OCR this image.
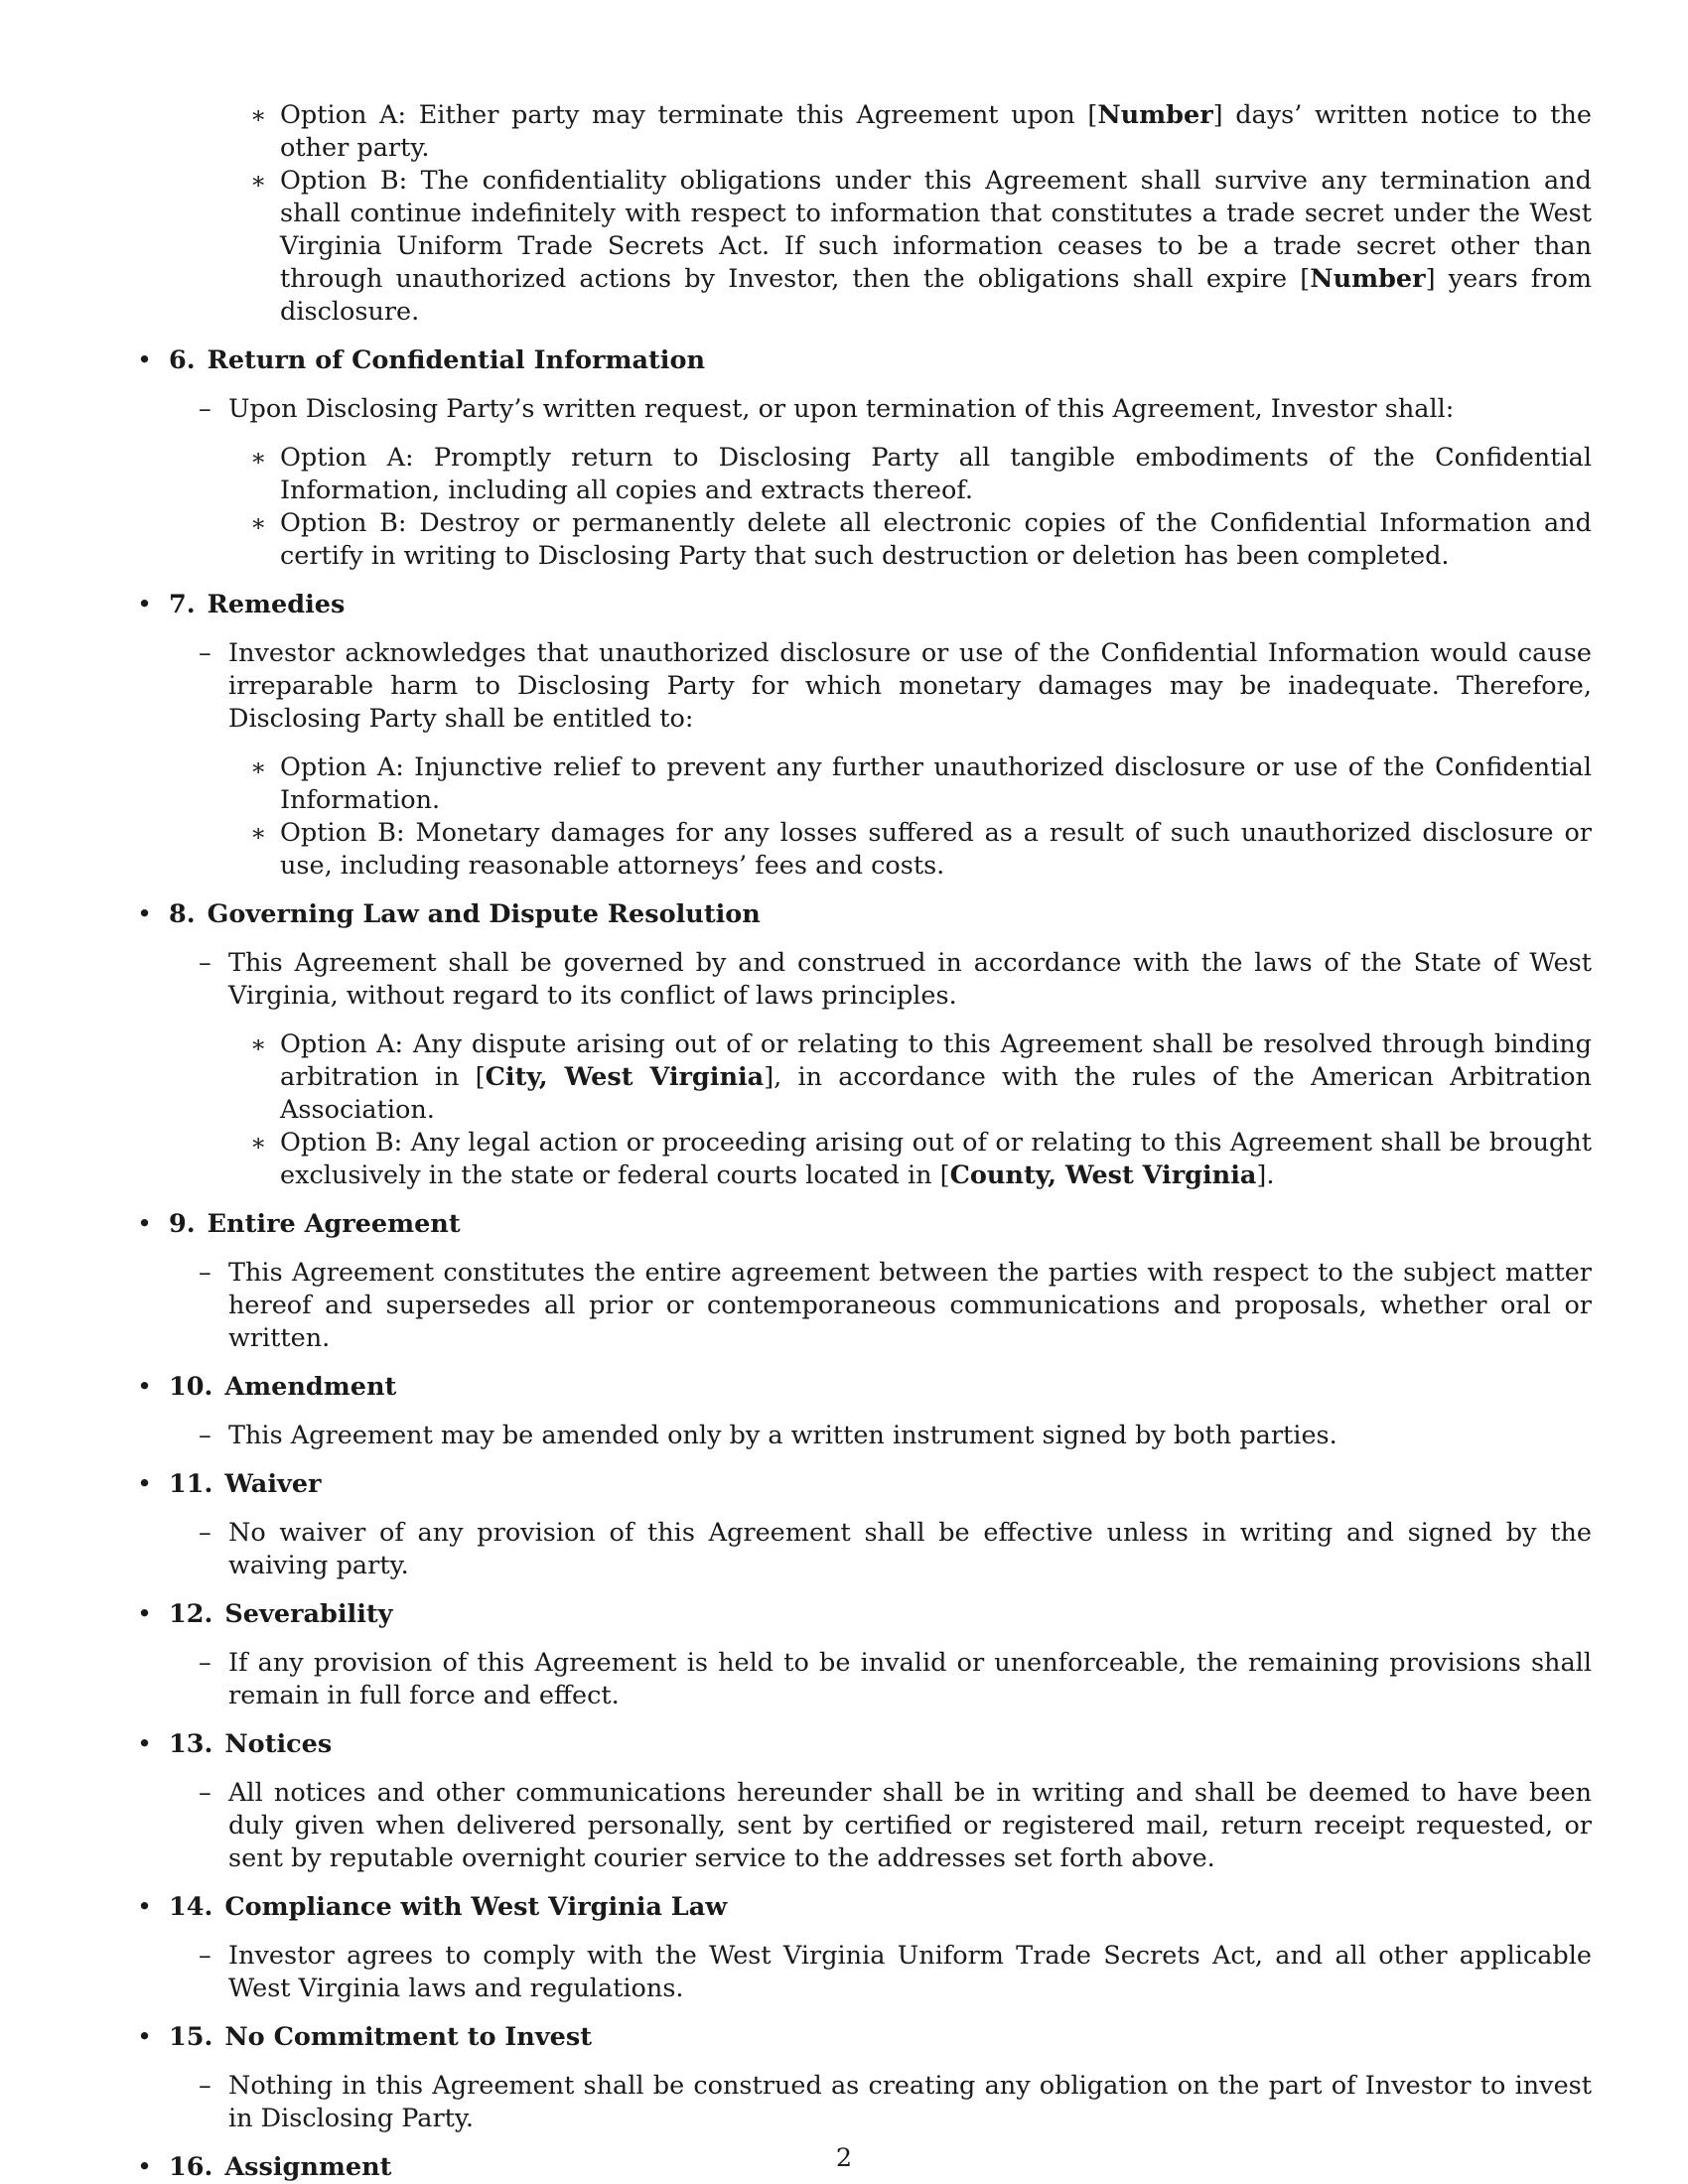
∗ Option A: Either party may terminate this Agreement upon [Number] days’ written notice to the other party.
∗ Option B: The confidentiality obligations under this Agreement shall survive any termination and shall continue indefinitely with respect to information that constitutes a trade secret under the West Virginia Uniform Trade Secrets Act. If such information ceases to be a trade secret other than through unauthorized actions by Investor, then the obligations shall expire [Number] years from disclosure.
• 6. Return of Confidential Information
– Upon Disclosing Party’s written request, or upon termination of this Agreement, Investor shall:
∗ Option A: Promptly return to Disclosing Party all tangible embodiments of the Confidential Information, including all copies and extracts thereof.
∗ Option B: Destroy or permanently delete all electronic copies of the Confidential Information and certify in writing to Disclosing Party that such destruction or deletion has been completed.
• 7. Remedies
– Investor acknowledges that unauthorized disclosure or use of the Confidential Information would cause irreparable harm to Disclosing Party for which monetary damages may be inadequate. Therefore, Disclosing Party shall be entitled to:
∗ Option A: Injunctive relief to prevent any further unauthorized disclosure or use of the Confidential Information.
∗ Option B: Monetary damages for any losses suffered as a result of such unauthorized disclosure or use, including reasonable attorneys’ fees and costs.
• 8. Governing Law and Dispute Resolution
– This Agreement shall be governed by and construed in accordance with the laws of the State of West Virginia, without regard to its conflict of laws principles.
∗ Option A: Any dispute arising out of or relating to this Agreement shall be resolved through binding arbitration in [City, West Virginia], in accordance with the rules of the American Arbitration Association.
∗ Option B: Any legal action or proceeding arising out of or relating to this Agreement shall be brought exclusively in the state or federal courts located in [County, West Virginia].
• 9. Entire Agreement
– This Agreement constitutes the entire agreement between the parties with respect to the subject matter hereof and supersedes all prior or contemporaneous communications and proposals, whether oral or written.
• 10. Amendment
– This Agreement may be amended only by a written instrument signed by both parties.
• 11. Waiver
– No waiver of any provision of this Agreement shall be effective unless in writing and signed by the waiving party.
• 12. Severability
– If any provision of this Agreement is held to be invalid or unenforceable, the remaining provisions shall remain in full force and effect.
• 13. Notices
– All notices and other communications hereunder shall be in writing and shall be deemed to have been duly given when delivered personally, sent by certified or registered mail, return receipt requested, or sent by reputable overnight courier service to the addresses set forth above.
• 14. Compliance with West Virginia Law
– Investor agrees to comply with the West Virginia Uniform Trade Secrets Act, and all other applicable West Virginia laws and regulations.
• 15. No Commitment to Invest
– Nothing in this Agreement shall be construed as creating any obligation on the part of Investor to invest in Disclosing Party.
• 16. Assignment	2
